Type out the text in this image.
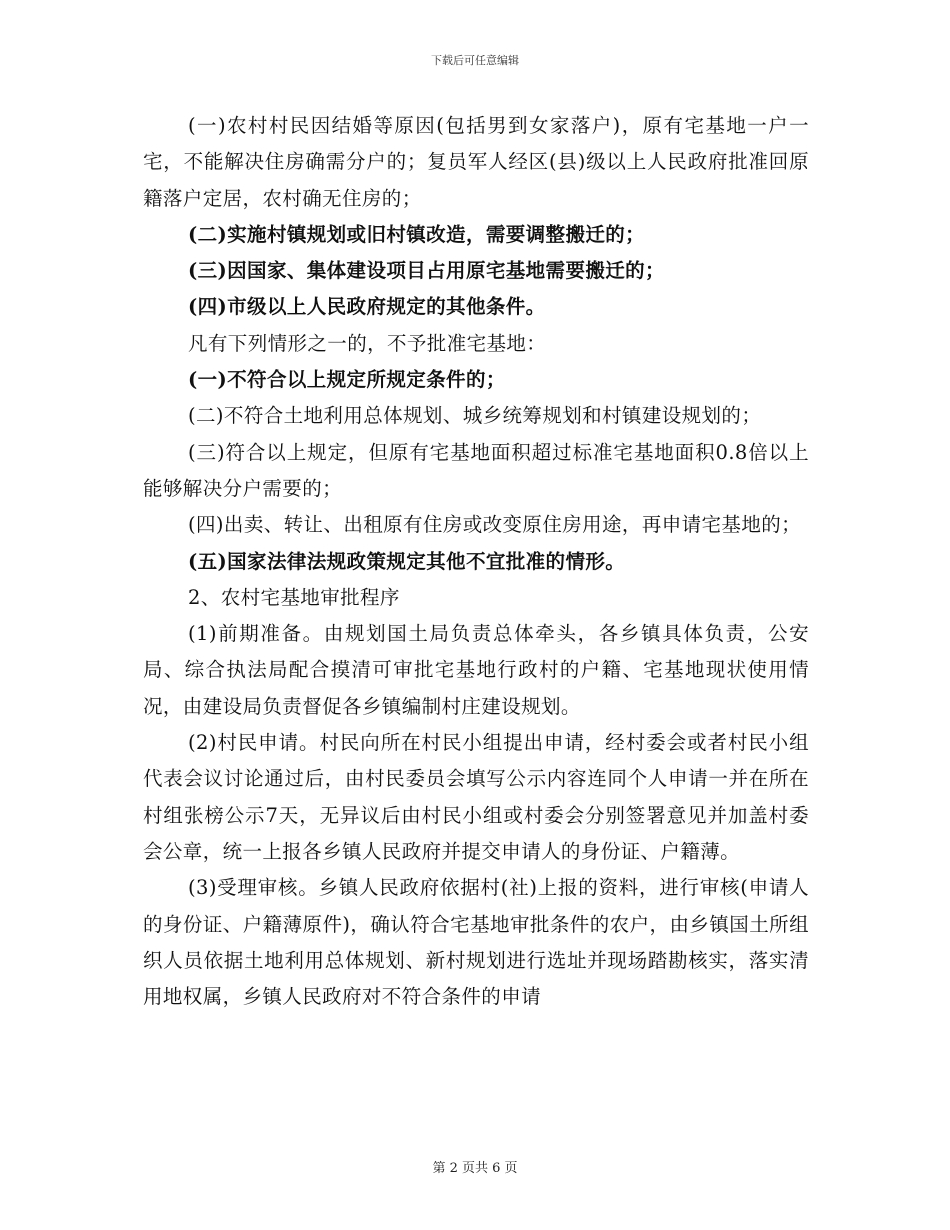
下载后可任意编辑

(一)农村村民因结婚等原因(包括男到女家落户)，原有宅基地一户一宅，不能解决住房确需分户的；复员军人经区(县)级以上人民政府批准回原籍落户定居，农村确无住房的；

(二)实施村镇规划或旧村镇改造，需要调整搬迁的；

(三)因国家、集体建设项目占用原宅基地需要搬迁的；

(四)市级以上人民政府规定的其他条件。

凡有下列情形之一的，不予批准宅基地：

(一)不符合以上规定所规定条件的；

(二)不符合土地利用总体规划、城乡统筹规划和村镇建设规划的；

(三)符合以上规定，但原有宅基地面积超过标准宅基地面积0.8倍以上能够解决分户需要的；

(四)出卖、转让、出租原有住房或改变原住房用途，再申请宅基地的；

(五)国家法律法规政策规定其他不宜批准的情形。

2、农村宅基地审批程序

(1)前期准备。由规划国土局负责总体牵头，各乡镇具体负责，公安局、综合执法局配合摸清可审批宅基地行政村的户籍、宅基地现状使用情况，由建设局负责督促各乡镇编制村庄建设规划。

(2)村民申请。村民向所在村民小组提出申请，经村委会或者村民小组代表会议讨论通过后，由村民委员会填写公示内容连同个人申请一并在所在村组张榜公示7天，无异议后由村民小组或村委会分别签署意见并加盖村委会公章，统一上报各乡镇人民政府并提交申请人的身份证、户籍薄。

(3)受理审核。乡镇人民政府依据村(社)上报的资料，进行审核(申请人的身份证、户籍薄原件)，确认符合宅基地审批条件的农户，由乡镇国土所组织人员依据土地利用总体规划、新村规划进行选址并现场踏勘核实，落实清用地权属，乡镇人民政府对不符合条件的申请

第 2 页共 6 页
